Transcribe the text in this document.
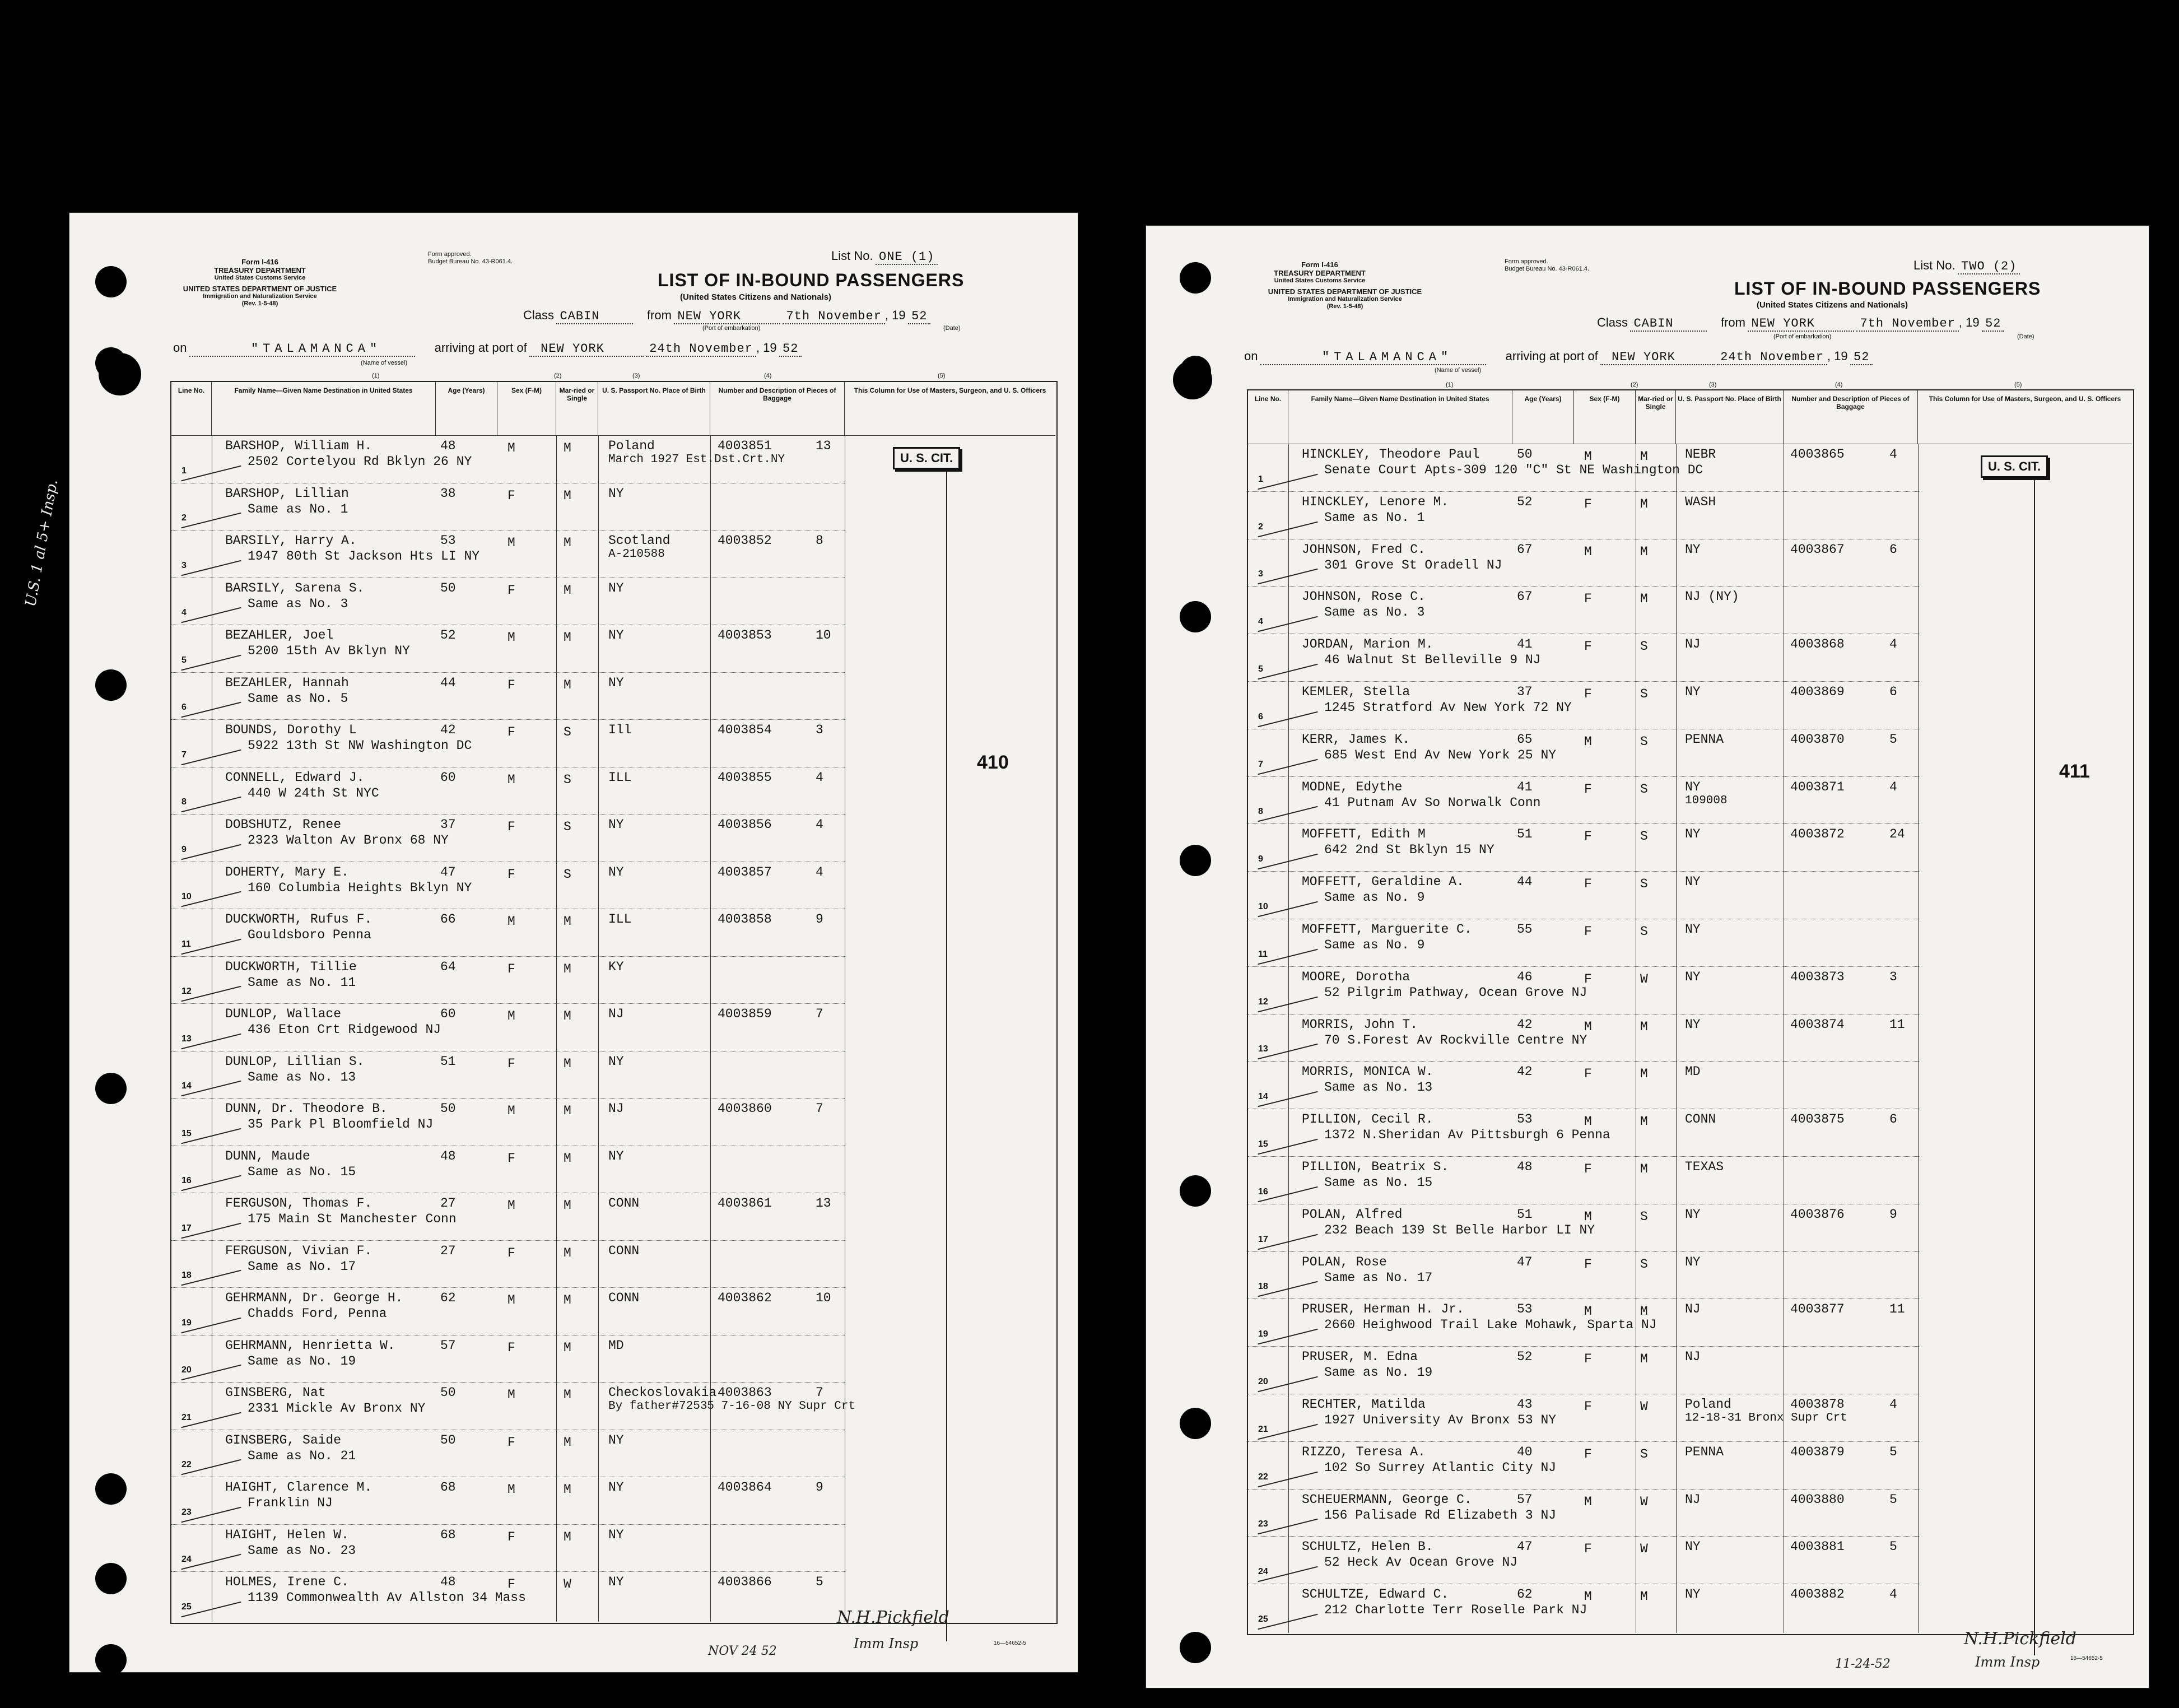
Form I-416
TREASURY DEPARTMENT
United States Customs Service
UNITED STATES DEPARTMENT OF JUSTICE
Immigration and Naturalization Service
(Rev. 1-5-48)
Form approved.
Budget Bureau No. 43-R061.4.	List No. ONE (1)
LIST OF IN-BOUND PASSENGERS
(United States Citizens and Nationals)
Class CABIN	from NEW YORK	7th November , 19 52
(Port of embarkation)	(Date)
on	"TALAMANCA"	arriving at port of NEW YORK	24th November , 19 52
(Name of vessel)
(1)	(2)	(3)	(4)	(5)
Line No.	Family Name—Given Name Destination in United States	Age (Years)	Sex (F-M)	Mar-ried or Single
U. S. Passport No. Place of Birth	Number and Description of Pieces of Baggage
This Column for Use of Masters, Surgeon, and U. S. Officers
1
BARSHOP, William H.
2502 Cortelyou Rd Bklyn 26 NY
48	M	M	Poland
March 1927 Est.Dst.Crt.NY
4003851	13
2
BARSHOP, Lillian
Same as No. 1
38	F	M	NY
3
BARSILY, Harry A.
1947 80th St Jackson Hts LI NY
53	M	M	Scotland
A-210588
4003852	8
4
BARSILY, Sarena S.
Same as No. 3
50	F	M	NY
5
BEZAHLER, Joel
5200 15th Av Bklyn NY
52	M	M	NY	4003853	10
6
BEZAHLER, Hannah
Same as No. 5
44	F	M	NY
7
BOUNDS, Dorothy L
5922 13th St NW Washington DC
42	F	S	Ill	4003854	3
8
CONNELL, Edward J.
440 W 24th St NYC
60	M	S	ILL	4003855	4
9
DOBSHUTZ, Renee
2323 Walton Av Bronx 68 NY
37	F	S	NY	4003856	4
10
DOHERTY, Mary E.
160 Columbia Heights Bklyn NY
47	F	S	NY	4003857	4
11
DUCKWORTH, Rufus F.
Gouldsboro Penna
66	M	M	ILL	4003858	9
12
DUCKWORTH, Tillie
Same as No. 11
64	F	M	KY
13
DUNLOP, Wallace
436 Eton Crt Ridgewood NJ
60	M	M	NJ	4003859	7
14
DUNLOP, Lillian S.
Same as No. 13
51	F	M	NY
15
DUNN, Dr. Theodore B.
35 Park Pl Bloomfield NJ
50	M	M	NJ	4003860	7
16
DUNN, Maude
Same as No. 15
48	F	M	NY
17
FERGUSON, Thomas F.
175 Main St Manchester Conn
27	M	M	CONN	4003861	13
18
FERGUSON, Vivian F.
Same as No. 17
27	F	M	CONN
19
GEHRMANN, Dr. George H.
Chadds Ford, Penna
62	M	M	CONN	4003862	10
20
GEHRMANN, Henrietta W.
Same as No. 19
57	F	M	MD
21
GINSBERG, Nat
2331 Mickle Av Bronx NY
50	M	M	Checkoslovakia
By father#72535 7-16-08 NY Supr Crt
4003863	7
22
GINSBERG, Saide
Same as No. 21
50	F	M	NY
23
HAIGHT, Clarence M.
Franklin NJ
68	M	M	NY	4003864	9
24
HAIGHT, Helen W.
Same as No. 23
68	F	M	NY
25
HOLMES, Irene C.
1139 Commonwealth Av Allston 34 Mass
48	F	W	NY	4003866	5
U. S. CIT.
410
N.H.Pickfield
Imm Insp
NOV 24 52
16—54652-5
U.S. 1 al 5+ Insp.
Form I-416
TREASURY DEPARTMENT
United States Customs Service
UNITED STATES DEPARTMENT OF JUSTICE
Immigration and Naturalization Service
(Rev. 1-5-48)
Form approved.
Budget Bureau No. 43-R061.4.	List No. TWO (2)
LIST OF IN-BOUND PASSENGERS
(United States Citizens and Nationals)
Class CABIN	from NEW YORK	7th November , 19 52
(Port of embarkation)	(Date)
on	"TALAMANCA"	arriving at port of NEW YORK	24th November , 19 52
(Name of vessel)
(1)	(2)	(3)	(4)	(5)
Line No.	Family Name—Given Name Destination in United States	Age (Years)	Sex (F-M)	Mar-ried or Single
U. S. Passport No. Place of Birth	Number and Description of Pieces of Baggage
This Column for Use of Masters, Surgeon, and U. S. Officers
1
HINCKLEY, Theodore Paul
Senate Court Apts-309 120 "C" St NE Washington DC
50	M	M	NEBR	4003865	4
2
HINCKLEY, Lenore M.
Same as No. 1
52	F	M	WASH
3
JOHNSON, Fred C.
301 Grove St Oradell NJ
67	M	M	NY	4003867	6
4
JOHNSON, Rose C.
Same as No. 3
67	F	M	NJ (NY)
5
JORDAN, Marion M.
46 Walnut St Belleville 9 NJ
41	F	S	NJ	4003868	4
6
KEMLER, Stella
1245 Stratford Av New York 72 NY
37	F	S	NY	4003869	6
7
KERR, James K.
685 West End Av New York 25 NY
65	M	S	PENNA	4003870	5
8
MODNE, Edythe
41 Putnam Av So Norwalk Conn
41	F	S	NY
109008
4003871	4
9
MOFFETT, Edith M
642 2nd St Bklyn 15 NY
51	F	S	NY	4003872	24
10
MOFFETT, Geraldine A.
Same as No. 9
44	F	S	NY
11
MOFFETT, Marguerite C.
Same as No. 9
55	F	S	NY
12
MOORE, Dorotha
52 Pilgrim Pathway, Ocean Grove NJ
46	F	W	NY	4003873	3
13
MORRIS, John T.
70 S.Forest Av Rockville Centre NY
42	M	M	NY	4003874	11
14
MORRIS, MONICA W.
Same as No. 13
42	F	M	MD
15
PILLION, Cecil R.
1372 N.Sheridan Av Pittsburgh 6 Penna
53	M	M	CONN	4003875	6
16
PILLION, Beatrix S.
Same as No. 15
48	F	M	TEXAS
17
POLAN, Alfred
232 Beach 139 St Belle Harbor LI NY
51	M	S	NY	4003876	9
18
POLAN, Rose
Same as No. 17
47	F	S	NY
19
PRUSER, Herman H. Jr.
2660 Heighwood Trail Lake Mohawk, Sparta NJ
53	M	M	NJ	4003877	11
20
PRUSER, M. Edna
Same as No. 19
52	F	M	NJ
21
RECHTER, Matilda
1927 University Av Bronx 53 NY
43	F	W	Poland
12-18-31 Bronx Supr Crt
4003878	4
22
RIZZO, Teresa A.
102 So Surrey Atlantic City NJ
40	F	S	PENNA	4003879	5
23
SCHEUERMANN, George C.
156 Palisade Rd Elizabeth 3 NJ
57	M	W	NJ	4003880	5
24
SCHULTZ, Helen B.
52 Heck Av Ocean Grove NJ
47	F	W	NY	4003881	5
25
SCHULTZE, Edward C.
212 Charlotte Terr Roselle Park NJ
62	M	M	NY	4003882	4
U. S. CIT.
411
N.H.Pickfield
Imm Insp
11-24-52	16—54652-5
